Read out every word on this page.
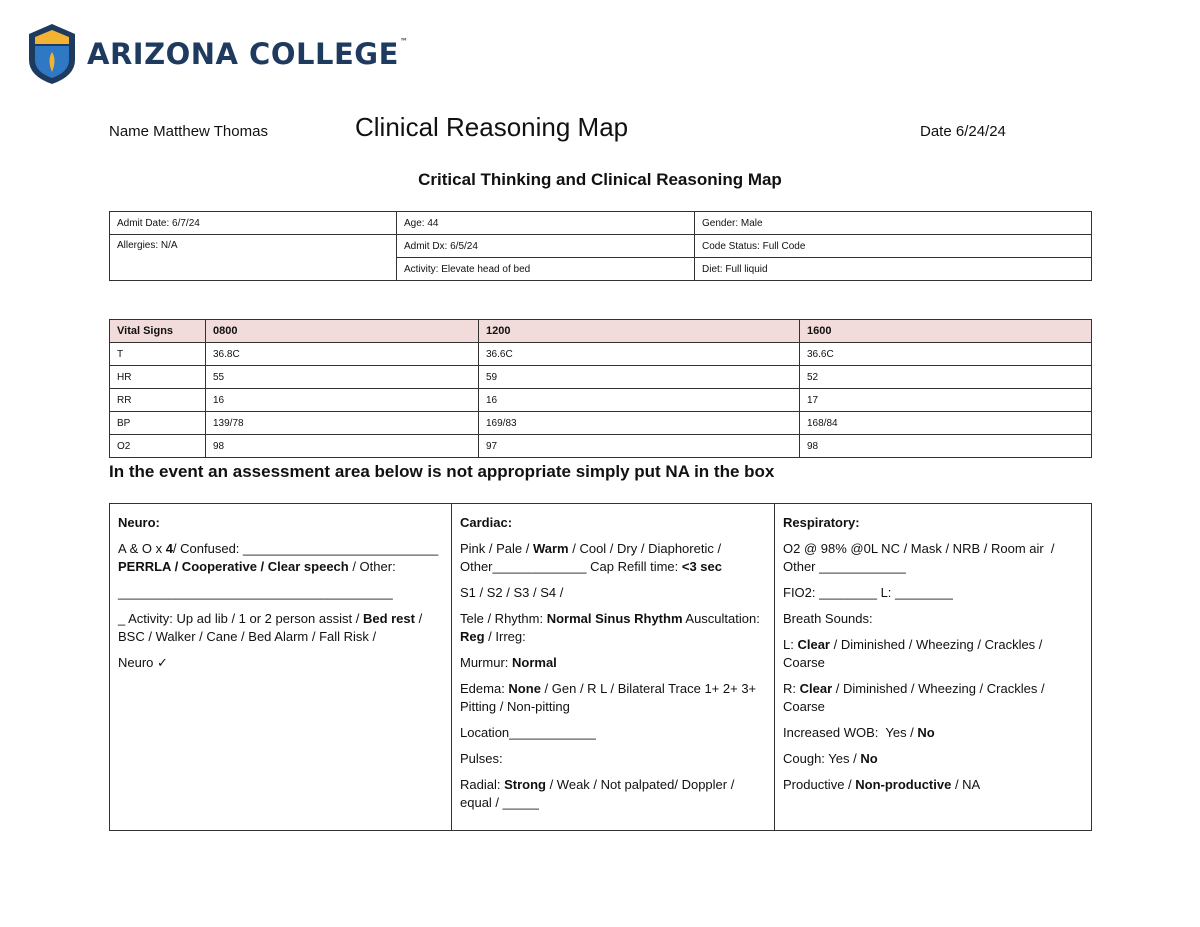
ARIZONA COLLEGE™
Name Matthew Thomas	Clinical Reasoning Map	Date 6/24/24
Critical Thinking and Clinical Reasoning Map
Admit Date: 6/7/24	Age: 44	Gender: Male
Allergies: N/A	Admit Dx: 6/5/24	Code Status: Full Code
	Activity: Elevate head of bed	Diet: Full liquid
Vital Signs	0800	1200	1600
T	36.8C	36.6C	36.6C
HR	55	59	52
RR	16	16	17
BP	139/78	169/83	168/84
O2	98	97	98
In the event an assessment area below is not appropriate simply put NA in the box

Neuro:

A & O x 4/ Confused: ___________________________ PERRLA / Cooperative / Clear speech / Other:

______________________________________

_ Activity: Up ad lib / 1 or 2 person assist / Bed rest / BSC / Walker / Cane / Bed Alarm / Fall Risk /

Neuro ✓

Cardiac:

Pink / Pale / Warm / Cool / Dry / Diaphoretic / Other_____________ Cap Refill time: <3 sec

S1 / S2 / S3 / S4 /

Tele / Rhythm: Normal Sinus Rhythm Auscultation: Reg / Irreg:

Murmur: Normal

Edema: None / Gen / R L / Bilateral Trace 1+ 2+ 3+ Pitting / Non-pitting

Location____________

Pulses:

Radial: Strong / Weak / Not palpated/ Doppler / equal / _____

Respiratory:

O2 @ 98% @0L NC / Mask / NRB / Room air  / Other ____________

FIO2: ________ L: ________

Breath Sounds:

L: Clear / Diminished / Wheezing / Crackles / Coarse

R: Clear / Diminished / Wheezing / Crackles / Coarse

Increased WOB:  Yes / No

Cough: Yes / No

Productive / Non-productive / NA
